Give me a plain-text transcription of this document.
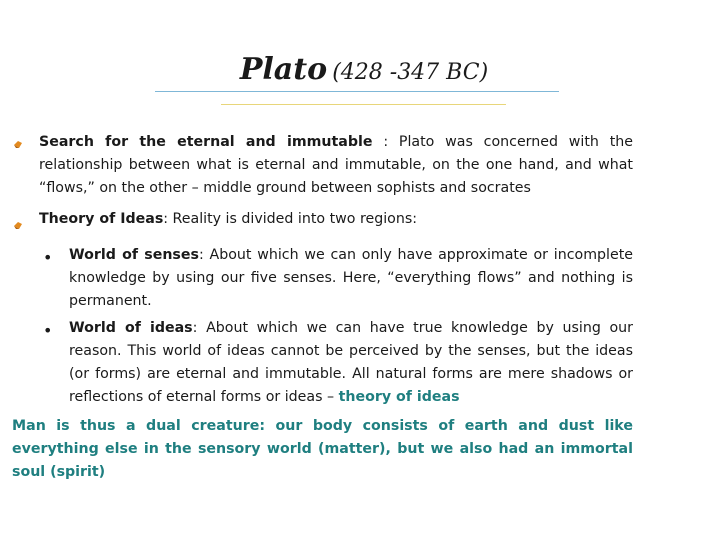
Plato (428 -347 BC)
Search for the eternal and immutable : Plato was concerned with the relationship between what is eternal and immutable, on the one hand, and what “flows,” on the other – middle ground between sophists and socrates
Theory of Ideas: Reality is divided into two regions:
• World of senses: About which we can only have approximate or incomplete knowledge by using our five senses. Here, “everything flows” and nothing is permanent.
• World of ideas: About which we can have true knowledge by using our reason. This world of ideas cannot be perceived by the senses, but the ideas (or forms) are eternal and immutable. All natural forms are mere shadows or reflections of eternal forms or ideas – theory of ideas
Man is thus a dual creature: our body consists of earth and dust like everything else in the sensory world (matter), but we also had an immortal soul (spirit)
